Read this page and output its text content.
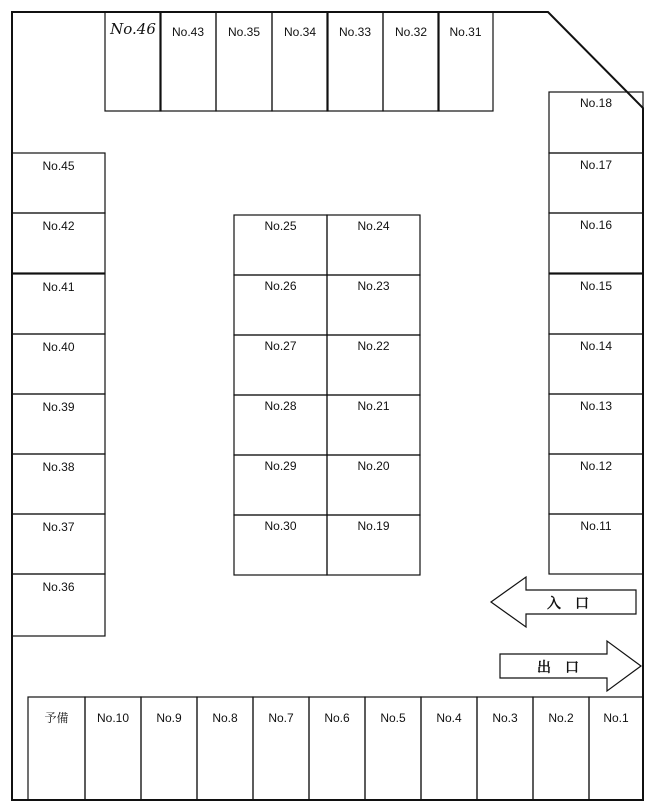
No.46 No.43 No.35 No.34 No.33 No.32 No.31
No.45
No.42
No.41
No.40
No.39
No.38
No.37
No.36
No.25	No.24
No.26	No.23
No.27	No.22
No.28	No.21
No.29	No.20
No.30	No.19
No.18
No.17
No.16
No.15
No.14
No.13
No.12
No.11
予備 No.10 No.9	No.8	No.7	No.6	No.5	No.4	No.3	No.2 No.1
入　口
出　口
